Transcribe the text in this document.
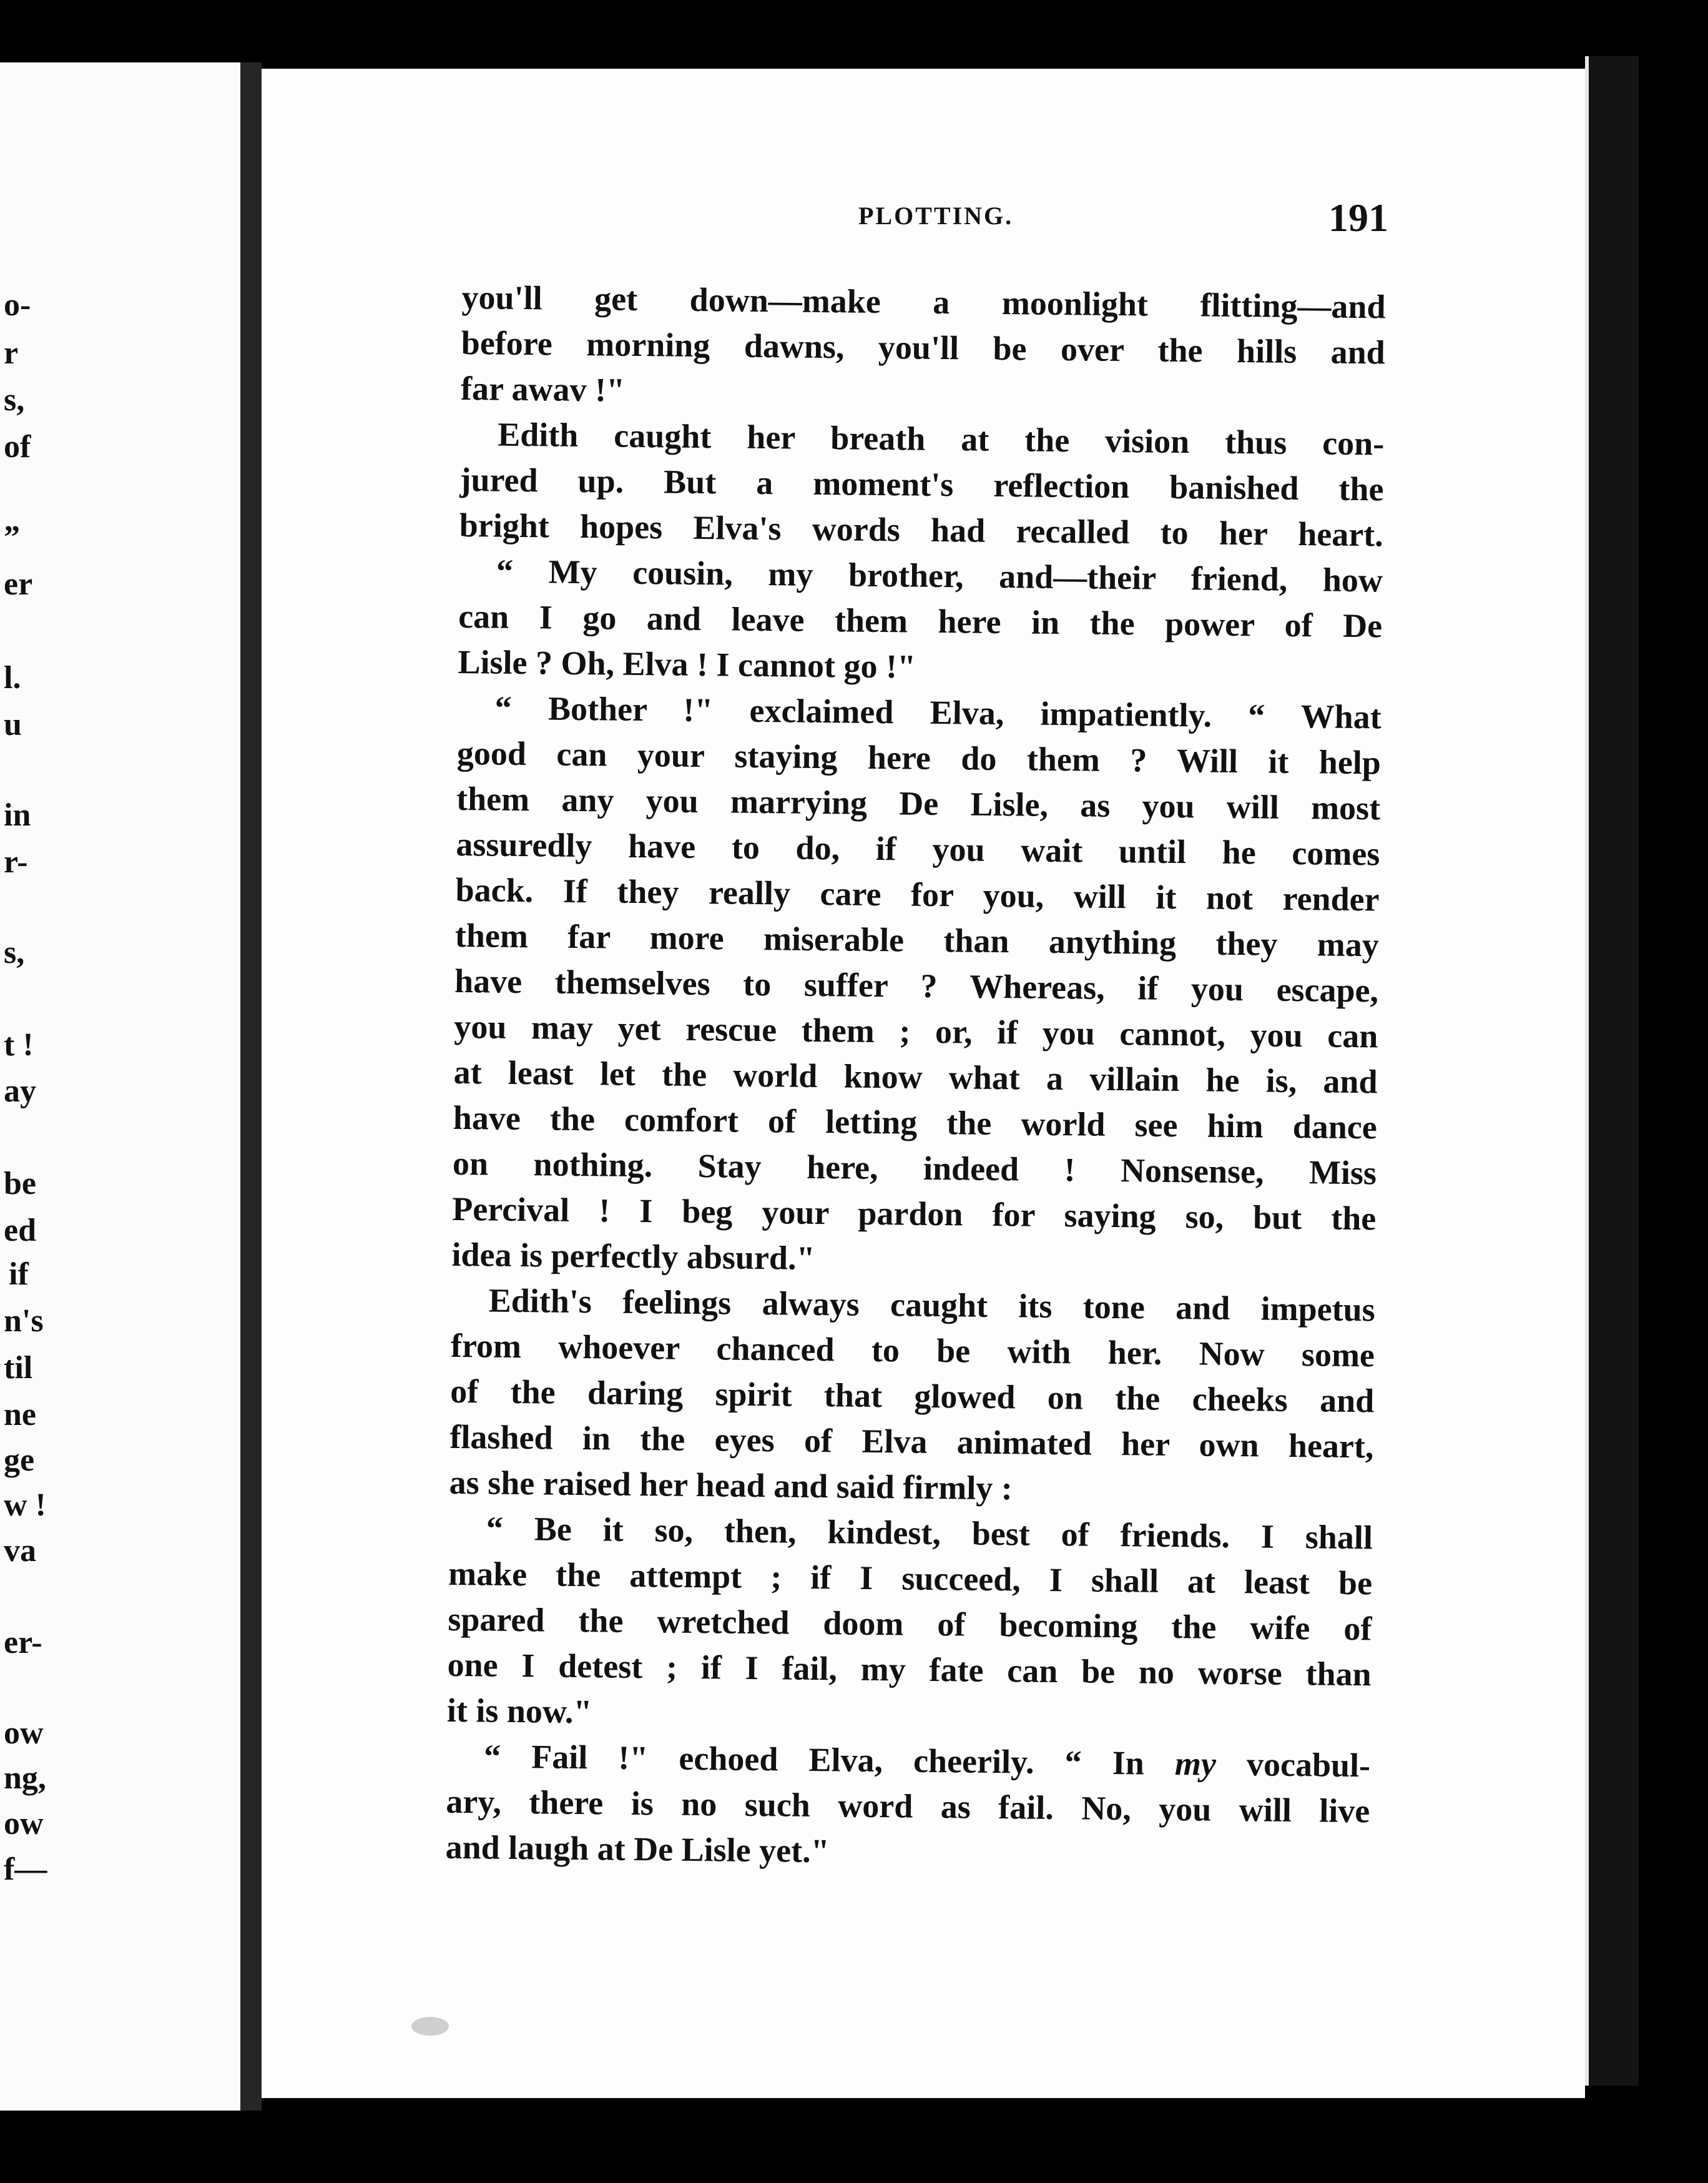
o-
r
s,
of
”
er
l.
u
in
r-
s,
t !
ay
be
ed
if
n's
til
ne
ge
w !
va
er-
ow
ng,
ow
f—
PLOTTING.	191
you'll get down—make a moonlight flitting—and
before morning dawns, you'll be over the hills and
far awav !"
Edith caught her breath at the vision thus con-
jured up. But a moment's reflection banished the
bright hopes Elva's words had recalled to her heart.
“ My cousin, my brother, and—their friend, how
can I go and leave them here in the power of De
Lisle ? Oh, Elva ! I cannot go !"
“ Bother !" exclaimed Elva, impatiently. “ What
good can your staying here do them ? Will it help
them any you marrying De Lisle, as you will most
assuredly have to do, if you wait until he comes
back. If they really care for you, will it not render
them far more miserable than anything they may
have themselves to suffer ? Whereas, if you escape,
you may yet rescue them ; or, if you cannot, you can
at least let the world know what a villain he is, and
have the comfort of letting the world see him dance
on nothing. Stay here, indeed ! Nonsense, Miss
Percival ! I beg your pardon for saying so, but the
idea is perfectly absurd."
Edith's feelings always caught its tone and impetus
from whoever chanced to be with her. Now some
of the daring spirit that glowed on the cheeks and
flashed in the eyes of Elva animated her own heart,
as she raised her head and said firmly :
“ Be it so, then, kindest, best of friends. I shall
make the attempt ; if I succeed, I shall at least be
spared the wretched doom of becoming the wife of
one I detest ; if I fail, my fate can be no worse than
it is now."
“ Fail !" echoed Elva, cheerily. “ In my vocabul-
ary, there is no such word as fail. No, you will live
and laugh at De Lisle yet."
